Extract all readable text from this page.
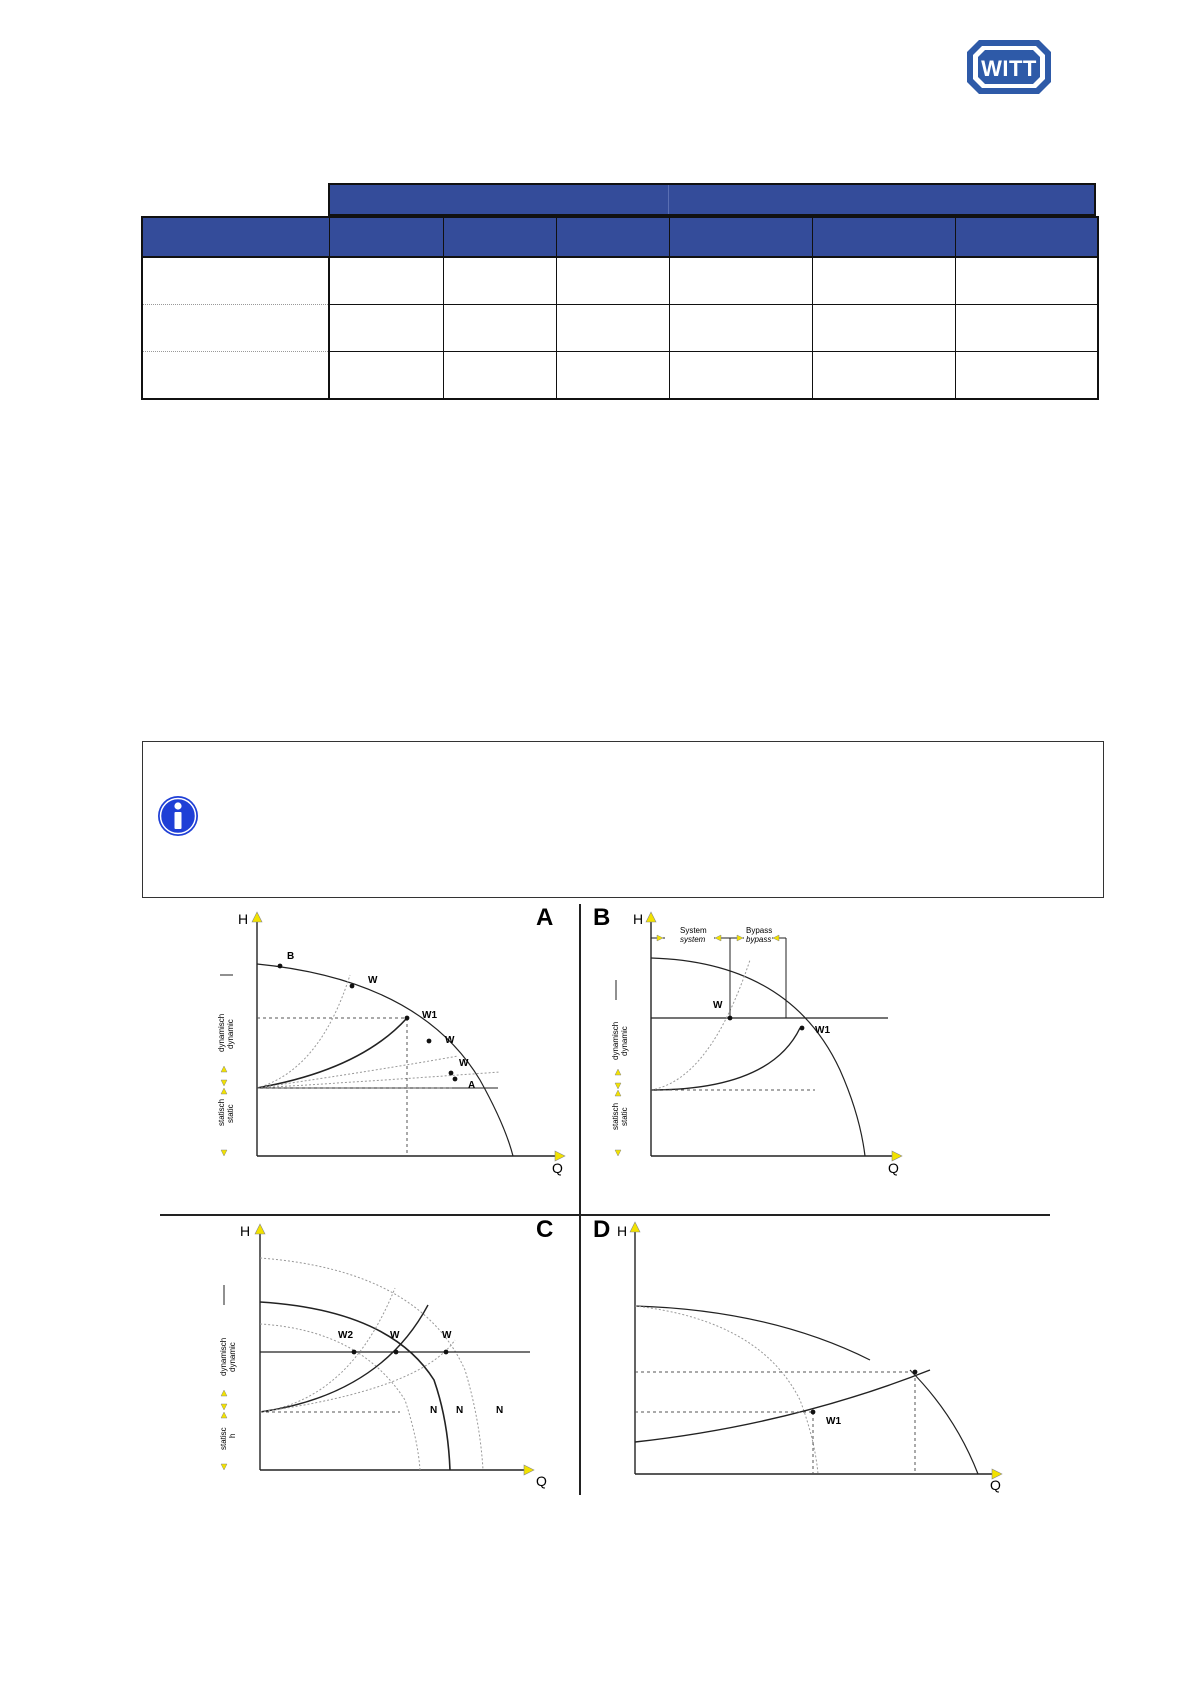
WITT

A
H
Q
B
W
W1
W
W
A
dynamisch dynamic
statisch static
B H
Q
System
system
Bypass
bypass
W
W1
dynamisch dynamic
statisch static
C
H
Q
W2	W	W
N N	N
dynamisch dynamic
statisc h
D H
Q
W1
